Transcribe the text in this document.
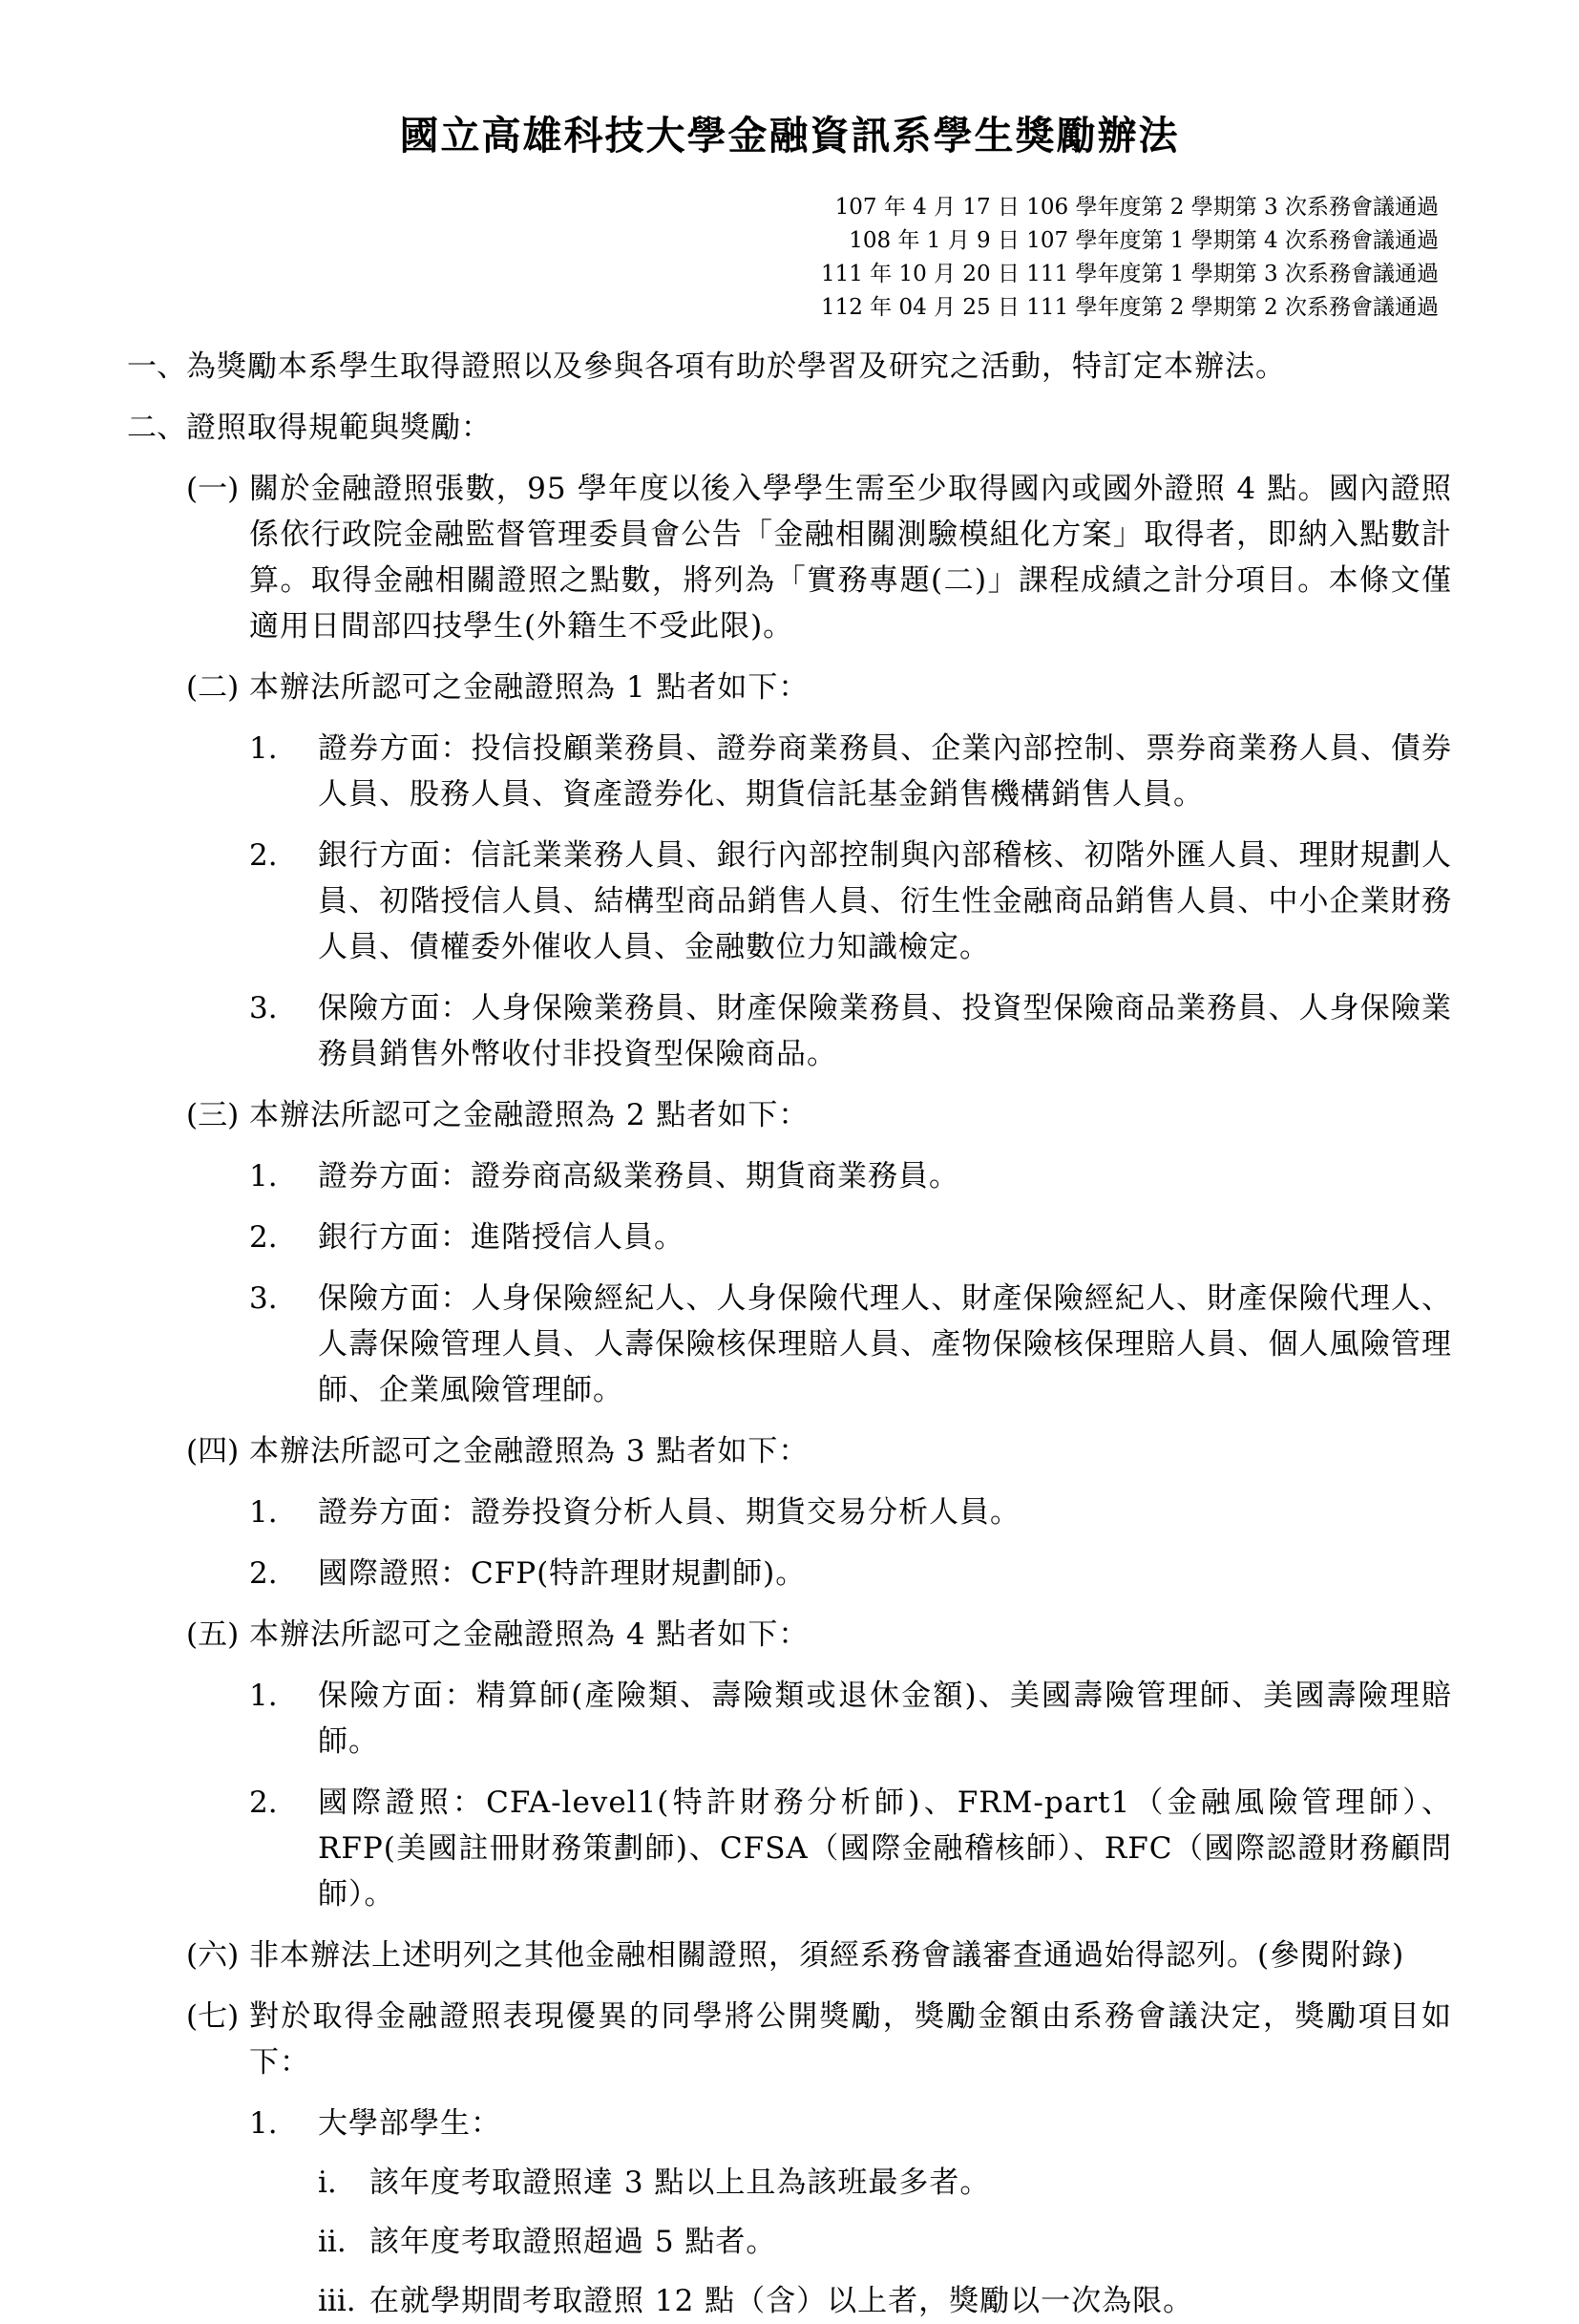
國立高雄科技大學金融資訊系學生獎勵辦法
107 年 4 月 17 日 106 學年度第 2 學期第 3 次系務會議通過
108 年 1 月 9 日 107 學年度第 1 學期第 4 次系務會議通過
111 年 10 月 20 日 111 學年度第 1 學期第 3 次系務會議通過
112 年 04 月 25 日 111 學年度第 2 學期第 2 次系務會議通過
一、 為獎勵本系學生取得證照以及參與各項有助於學習及研究之活動，特訂定本辦法。
二、 證照取得規範與獎勵：
(一) 關於金融證照張數，95 學年度以後入學學生需至少取得國內或國外證照 4 點。國內證照係依行政院金融監督管理委員會公告「金融相關測驗模組化方案」取得者，即納入點數計算。取得金融相關證照之點數，將列為「實務專題(二)」課程成績之計分項目。本條文僅適用日間部四技學生(外籍生不受此限)。
(二) 本辦法所認可之金融證照為 1 點者如下：
1.	證券方面：投信投顧業務員、證券商業務員、企業內部控制、票券商業務人員、債券人員、股務人員、資產證券化、期貨信託基金銷售機構銷售人員。
2.	銀行方面：信託業業務人員、銀行內部控制與內部稽核、初階外匯人員、理財規劃人員、初階授信人員、結構型商品銷售人員、衍生性金融商品銷售人員、中小企業財務人員、債權委外催收人員、金融數位力知識檢定。
3.	保險方面：人身保險業務員、財產保險業務員、投資型保險商品業務員、人身保險業務員銷售外幣收付非投資型保險商品。
(三) 本辦法所認可之金融證照為 2 點者如下：
1.	證券方面：證券商高級業務員、期貨商業務員。
2.	銀行方面：進階授信人員。
3.	保險方面：人身保險經紀人、人身保險代理人、財產保險經紀人、財產保險代理人、人壽保險管理人員、人壽保險核保理賠人員、產物保險核保理賠人員、個人風險管理師、企業風險管理師。
(四) 本辦法所認可之金融證照為 3 點者如下：
1.	證券方面：證券投資分析人員、期貨交易分析人員。
2.	國際證照：CFP(特許理財規劃師)。
(五) 本辦法所認可之金融證照為 4 點者如下：
1.	保險方面：精算師(產險類、壽險類或退休金額)、美國壽險管理師、美國壽險理賠師。
2.	國際證照：CFA-level1(特許財務分析師)、FRM-part1（金融風險管理師）、RFP(美國註冊財務策劃師)、CFSA（國際金融稽核師）、RFC（國際認證財務顧問師）。
(六) 非本辦法上述明列之其他金融相關證照，須經系務會議審查通過始得認列。(參閱附錄)
(七) 對於取得金融證照表現優異的同學將公開獎勵，獎勵金額由系務會議決定，獎勵項目如下：
1.	大學部學生：
i.	該年度考取證照達 3 點以上且為該班最多者。
ii. 該年度考取證照超過 5 點者。
iii. 在就學期間考取證照 12 點（含）以上者，獎勵以一次為限。
